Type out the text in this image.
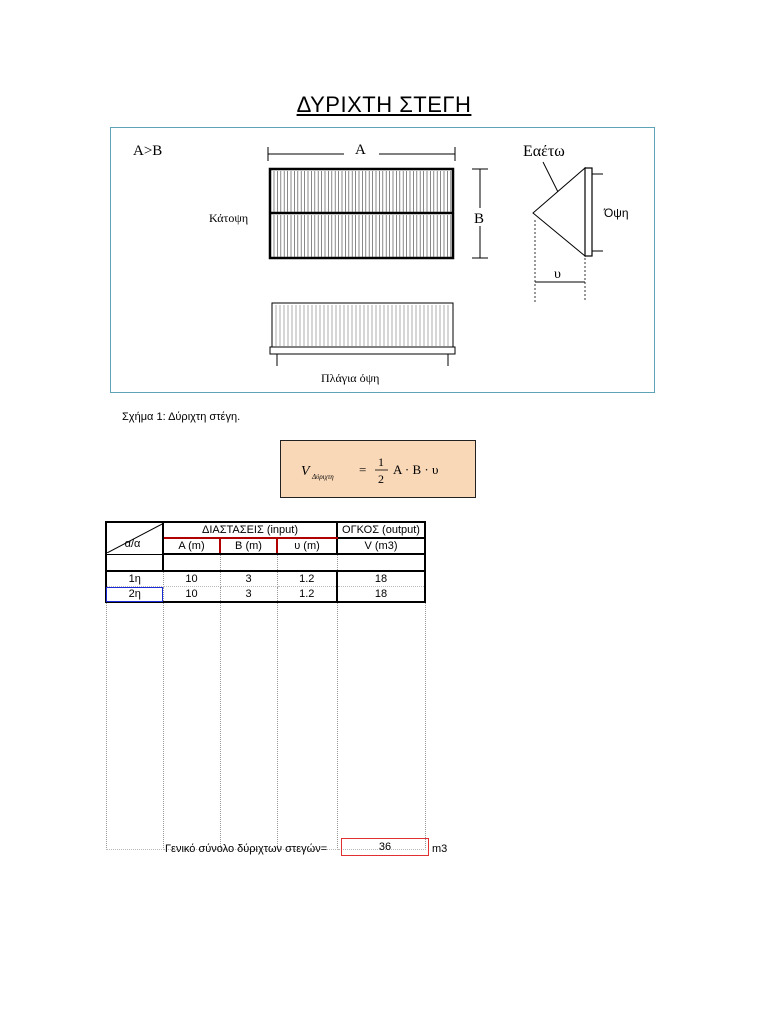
ΔΥΡΙΧΤΗ ΣΤΕΓΗ
A>B	A
Κάτοψη	B
Εαέτω
Όψη
υ
Πλάγια όψη
Σχήμα 1: Δύριχτη στέγη.
V Δύριχτη = 1
2
A · B · υ
α/α	ΔΙΑΣΤΑΣΕΙΣ (input)			ΟΓΚΟΣ (output)
	A (m)	B (m)	υ (m)	V (m3)

1η	10	3	1.2	18
2η	10	3	1.2	18

Γενικό σύνολο δύριχτων στεγών=	36	m3
